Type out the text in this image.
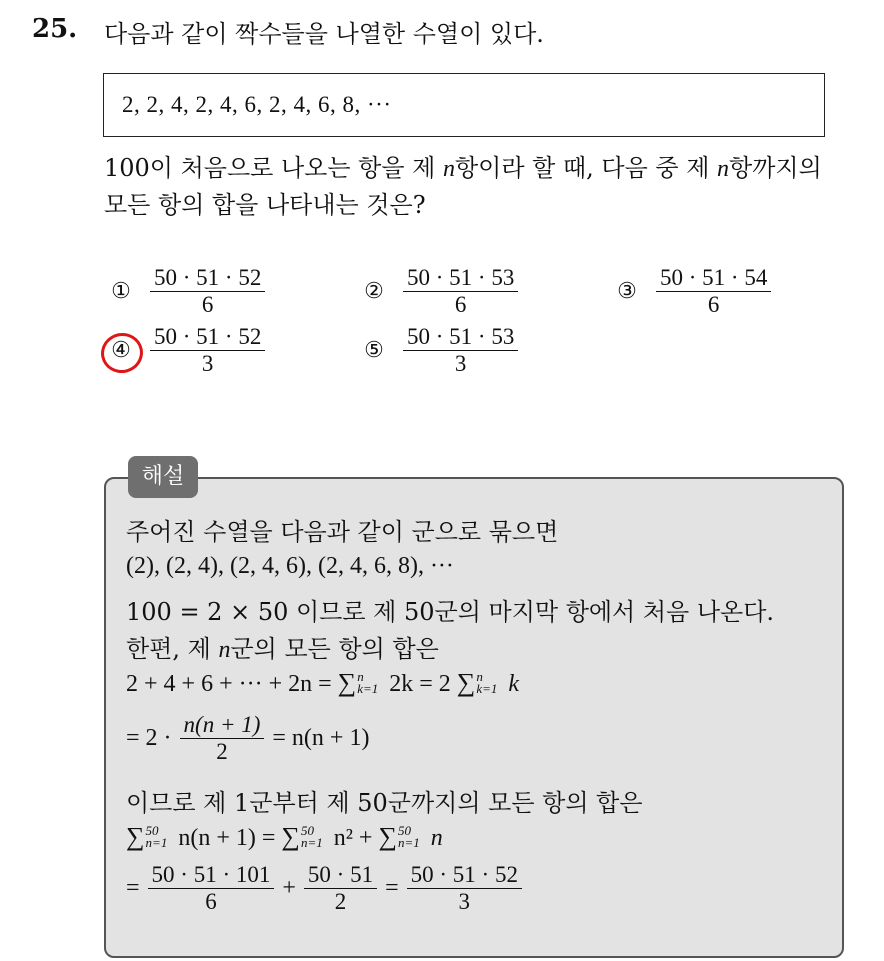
25. 다음과 같이 짝수들을 나열한 수열이 있다.
2, 2, 4, 2, 4, 6, 2, 4, 6, 8, ···
100이 처음으로 나오는 항을 제 n항이라 할 때, 다음 중 제 n항까지의
모든 항의 합을 나타내는 것은?
① $\frac{50 \cdot 51 \cdot 52}{6}$	② $\frac{50 \cdot 51 \cdot 53}{6}$	③ $\frac{50 \cdot 51 \cdot 54}{6}$
④ $\frac{50 \cdot 51 \cdot 52}{3}$	⑤ $\frac{50 \cdot 51 \cdot 53}{3}$
해설
주어진 수열을 다음과 같이 군으로 묶으면
(2), (2, 4), (2, 4, 6), (2, 4, 6, 8), ···
100 = 2 × 50 이므로 제 50군의 마지막 항에서 처음 나온다.
한편, 제 n군의 모든 항의 합은
2 + 4 + 6 + ··· + 2n = ∑ n
k=1 2k = 2 ∑ n
k=1 k
= $2 \cdot \frac{n(n + 1)}{2} = n(n + 1)$
이므로 제 1군부터 제 50군까지의 모든 항의 합은
∑ 50
n=1 n(n + 1) = ∑ 50
n=1 n² + ∑ 50
n=1 n
= $\frac{50 \cdot 51 \cdot 101}{6} + \frac{50 \cdot 51}{2} = \frac{50 \cdot 51 \cdot 52}{3}$
